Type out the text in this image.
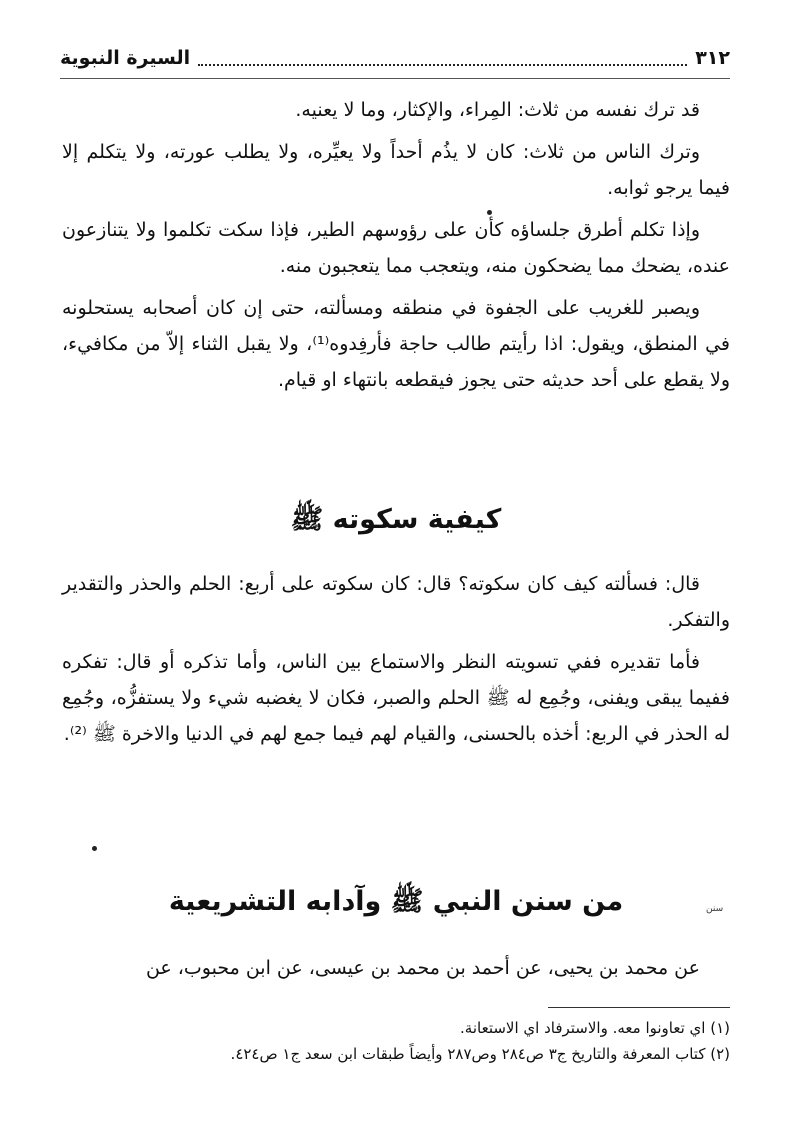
٣١٢
السيرة النبوية

قد ترك نفسه من ثلاث: المِراء، والإكثار، وما لا يعنيه.

وترك الناس من ثلاث: كان لا يذُم أحداً ولا يعيِّره، ولا يطلب عورته، ولا يتكلم إلا فيما يرجو ثوابه.

وإذا تكلم أطرق جلساؤه كأن على رؤوسهم الطير، فإذا سكت تكلموا ولا يتنازعون عنده، يضحك مما يضحكون منه، ويتعجب مما يتعجبون منه.

ويصبر للغريب على الجفوة في منطقه ومسألته، حتى إن كان أصحابه يستحلونه في المنطق، ويقول: اذا رأيتم طالب حاجة فأرفِدوه⁽¹⁾، ولا يقبل الثناء إلاّ من مكافيء، ولا يقطع على أحد حديثه حتى يجوز فيقطعه بانتهاء او قيام.

كيفية سكوته ﷺ

قال: فسألته كيف كان سكوته؟ قال: كان سكوته على أربع: الحلم والحذر والتقدير والتفكر.

فأما تقديره ففي تسويته النظر والاستماع بين الناس، وأما تذكره أو قال: تفكره ففيما يبقى ويفنى، وجُمِع له ﷺ الحلم والصبر، فكان لا يغضبه شيء ولا يستفزُّه، وجُمِع له الحذر في الربع: أخذه بالحسنى، والقيام لهم فيما جمع لهم في الدنيا والاخرة ﷺ ⁽²⁾.

من سنن النبي ﷺ وآدابه التشريعية	سنن

عن محمد بن يحيى، عن أحمد بن محمد بن عيسى، عن ابن محبوب، عن

(١) اي تعاونوا معه. والاسترفاد اي الاستعانة.
(٢) كتاب المعرفة والتاريخ ج٣ ص٢٨٤ وص٢٨٧ وأيضاً طبقات ابن سعد ج١ ص٤٢٤.
